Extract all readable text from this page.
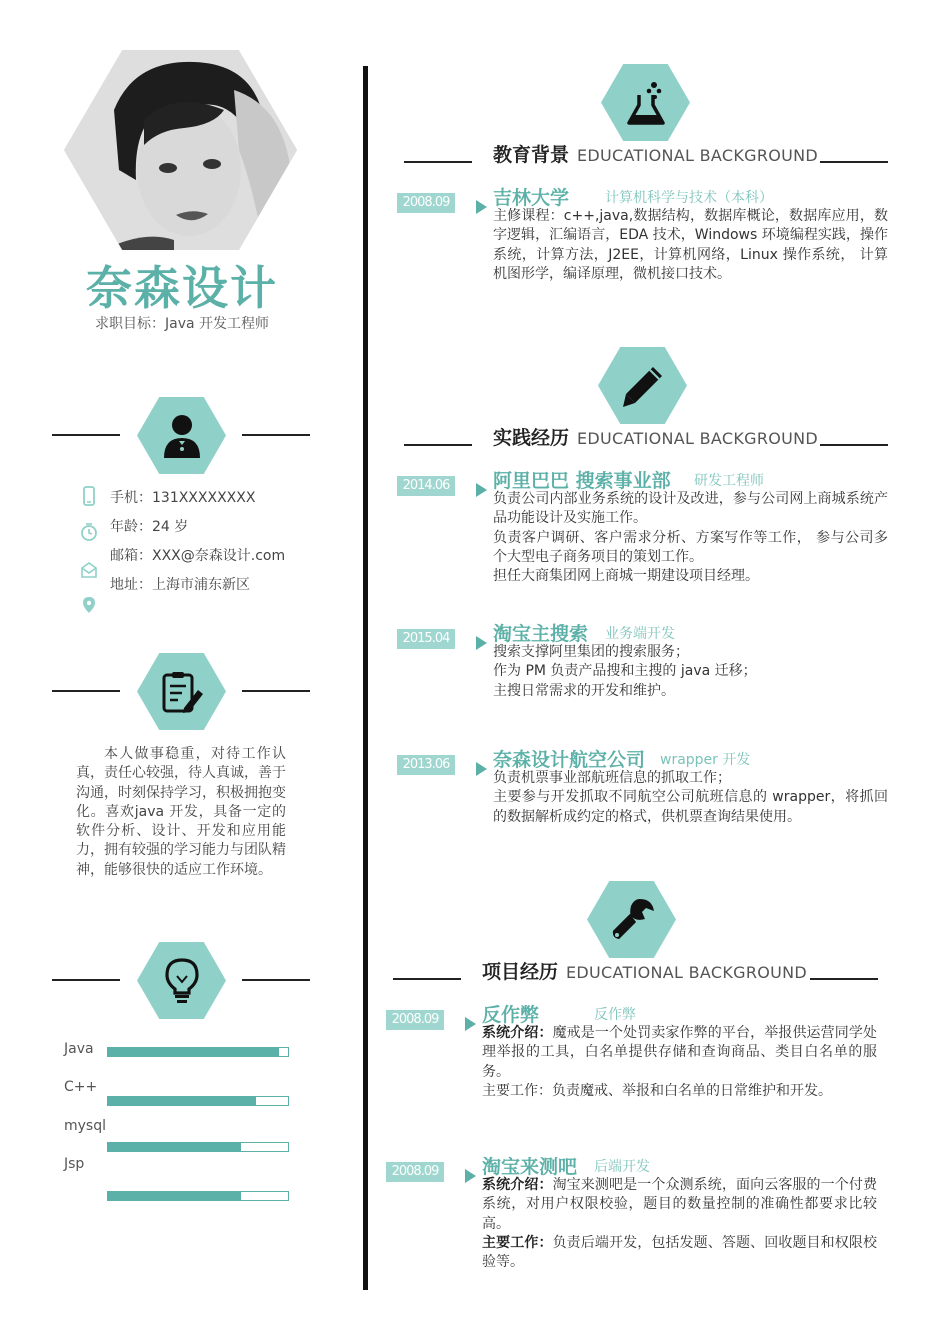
奈森设计
求职目标：Java 开发工程师
手机：131XXXXXXXX
年龄：24 岁
邮箱：XXX@奈森设计.com
地址：上海市浦东新区
本人做事稳重，对待工作认真，责任心较强，待人真诚，善于沟通，时刻保持学习，积极拥抱变化。喜欢java 开发，具备一定的软件分析、设计、开发和应用能力，拥有较强的学习能力与团队精神，能够很快的适应工作环境。
Java
C++
mysql
Jsp
教育背景 EDUCATIONAL BACKGROUND
2008.09 吉林大学	计算机科学与技术（本科）
主修课程：c++,java,数据结构，数据库概论，数据库应用，数字逻辑，汇编语言，EDA 技术，Windows 环境编程实践，操作系统，计算方法，J2EE，计算机网络，Linux 操作系统， 计算机图形学，编译原理，微机接口技术。
实践经历 EDUCATIONAL BACKGROUND
2014.06 阿里巴巴 搜索事业部 研发工程师

负责公司内部业务系统的设计及改进，参与公司网上商城系统产品功能设计及实施工作。

负责客户调研、客户需求分析、方案写作等工作， 参与公司多个大型电子商务项目的策划工作。

担任大商集团网上商城一期建设项目经理。

2015.04 淘宝主搜索 业务端开发

搜索支撑阿里集团的搜索服务；

作为 PM 负责产品搜和主搜的 java 迁移；

主搜日常需求的开发和维护。

2013.06 奈森设计航空公司 wrapper 开发

负责机票事业部航班信息的抓取工作；

主要参与开发抓取不同航空公司航班信息的 wrapper，将抓回的数据解析成约定的格式，供机票查询结果使用。

项目经历 EDUCATIONAL BACKGROUND
2008.09 反作弊	反作弊

系统介绍：魔戒是一个处罚卖家作弊的平台，举报供运营同学处理举报的工具，白名单提供存储和查询商品、类目白名单的服务。

主要工作：负责魔戒、举报和白名单的日常维护和开发。

2008.09 淘宝来测吧 后端开发

系统介绍：淘宝来测吧是一个众测系统，面向云客服的一个付费系统，对用户权限校验，题目的数量控制的准确性都要求比较高。

主要工作：负责后端开发，包括发题、答题、回收题目和权限校验等。
